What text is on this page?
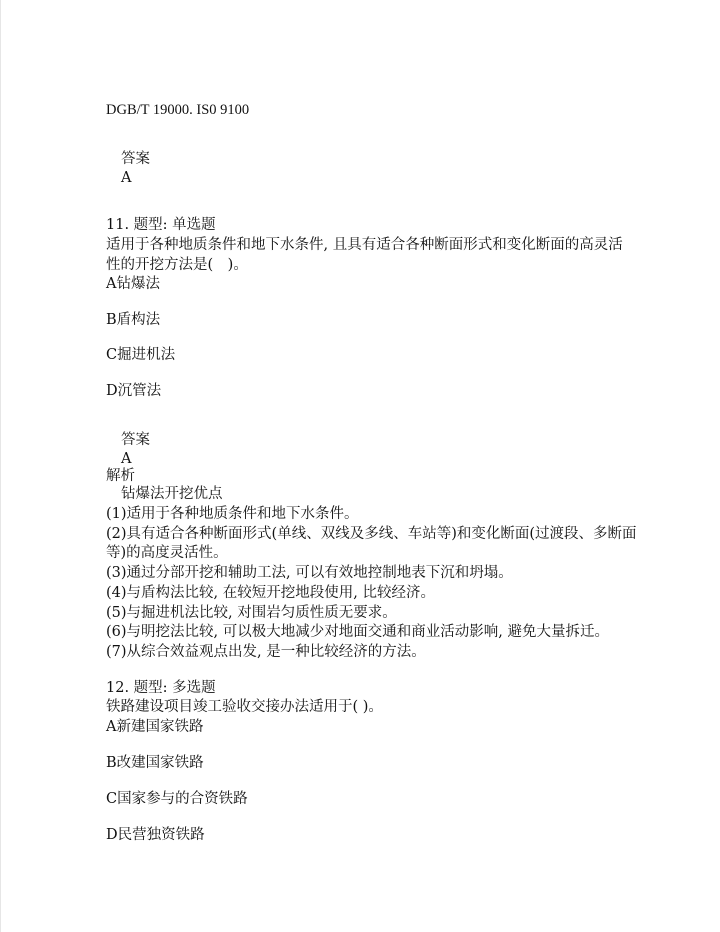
DGB/T 19000. IS0 9100
答案
A
11. 题型: 单选题
适用于各种地质条件和地下水条件, 且具有适合各种断面形式和变化断面的高灵活
性的开挖方法是(　)。
A钻爆法
B盾构法
C掘进机法
D沉管法
答案
A
解析
钻爆法开挖优点
(1)适用于各种地质条件和地下水条件。
(2)具有适合各种断面形式(单线、双线及多线、车站等)和变化断面(过渡段、多断面
等)的高度灵活性。
(3)通过分部开挖和辅助工法, 可以有效地控制地表下沉和坍塌。
(4)与盾构法比较, 在较短开挖地段使用, 比较经济。
(5)与掘进机法比较, 对围岩匀质性质无要求。
(6)与明挖法比较, 可以极大地减少对地面交通和商业活动影响, 避免大量拆迁。
(7)从综合效益观点出发, 是一种比较经济的方法。
12. 题型: 多选题
铁路建设项目竣工验收交接办法适用于( )。
A新建国家铁路
B改建国家铁路
C国家参与的合资铁路
D民营独资铁路
